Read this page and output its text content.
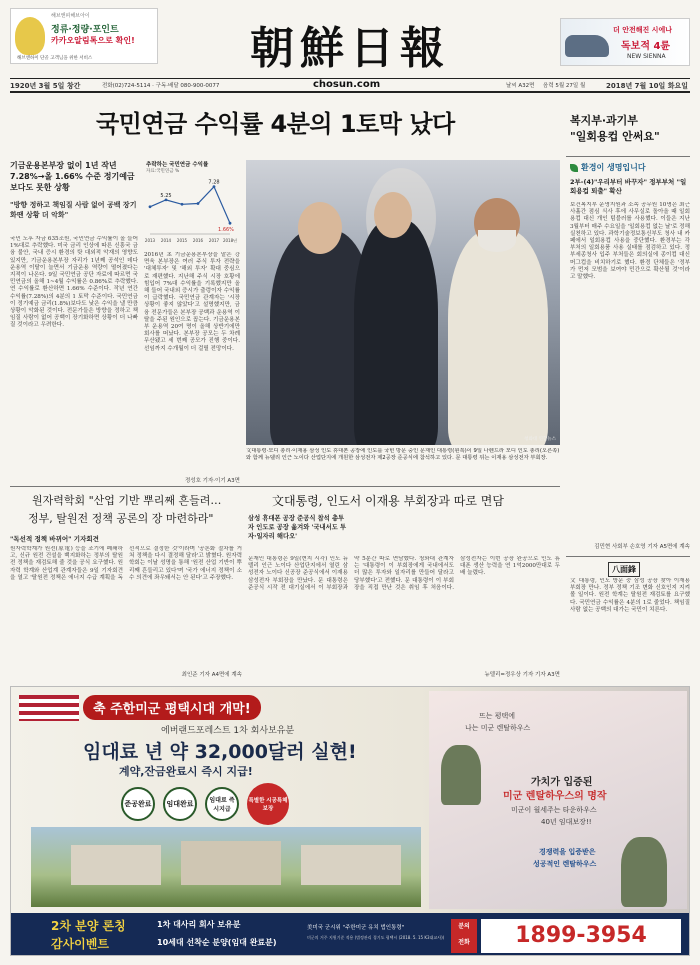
해브앤피해브아이
정류·정량·포인트
카카오알림톡으로 확인!
해브앤하이 단골 고객님을 위한 서비스	朝鮮日報	더 안전해진 시에나
독보적 4륜
NEW SIENNA
1920년 3월 5일 창간	전화(02)724-5114 · 구독·배달 080-900-0077	chosun.com	날씨 A32면 음력 5월 27일 월	2018년 7월 10일 화요일
국민연금 수익률 4분의 1토막 났다
기금운용본부장 없이 1년 작년 7.28%→올 1.66% 수준 정기예금보다도 못한 상황
"방향 정하고 책임질 사람 없어 공백 장기화땐 상황 더 악화"
국민 노후 자금 635조원, 국민연금 수익률이 올 들어 1%대로 추락했다. 미국 금리 인상에 따른 신흥국 금융 불안, 국내 증시 환경의 탓 대외적 악재의 영향도 있지만, 기금운용본부장 자리가 1년째 공석인 데다 운용역 이탈이 늘면서 기금운용 역량이 떨어졌다는 지적이 나온다. 9일 국민연금 공단 자료에 따르면 국민연금의 올해 1~4월 수익률은 0.86%로 추락했다. 연 수익률로 환산하면 1.66% 수준이다. 작년 연간 수익률(7.28%)의 4분의 1 토막 수준이다. 국민연금이 정기예금 금리(1.8%)보다도 낮은 수익을 낼 만큼 상황이 악화된 것이다. 전문가들은 방향을 정하고 책임질 사람이 없어 공백이 장기화하면 상황이 더 나빠질 것이라고 우려한다.
추락하는 국민연금 수익률
자료:국민연금 %
2013
5.25
2014 2015 2016
7.28
2017
1.66%
2018년
2016년 초 기금운용본부장을 맡은 강면욱 본부장은 여러 주식 투자 전략을 '대체투자' 및 '해외 투자' 확대 중심으로 재편했다. 지난해 주식 시장 호황에 힘입어 7%대 수익률을 기록했지만 올해 들어 국내외 증시가 출렁이자 수익률이 급락했다. 국민연금 관계자는 '시장 상황이 좋지 않았다'고 설명했지만, 금융 전문가들은 본부장 공백과 운용역 이탈을 주된 원인으로 꼽는다. 기금운용본부 운용역 20여 명이 올해 상반기에만 회사를 떠났다. 본부장 공모는 두 차례 무산됐고 세 번째 공모가 진행 중이다. 선임까지 수개월이 더 걸릴 전망이다.
정성호 기자·이기 A3면
청와대 연합뉴스
文대통령·모디 총리·이재용 삼성 인도 휴대폰 공장에 인도를 국빈 방문 중인 문재인 대통령(왼쪽)이 9일 나렌드라 모디 인도 총리(오른쪽)와 함께 뉴델리 인근 노이다 산업단지에 개원한 삼성전자 제2공장 준공식에 참석하고 있다. 문 대통령 뒤는 이재용 삼성전자 부회장.
복지부·과기부
"일회용컵 안써요"
환경이 생명입니다
2부-(4)"우리부터 바꾸자" 정부부처 "일회용컵 퇴출" 확산
보건복지부 운영지원과 소속 공무원 10명은 최근 사흘간 점심 식사 후에 사무실로 돌아올 때 일회용컵 대신 개인 텀블러를 사용했다. 이들은 지난 3월부터 매주 수요일을 '일회용컵 없는 날'로 정해 실천하고 있다. 과학기술정보통신부도 청사 내 카페에서 일회용컵 사용을 중단했다. 환경부는 각 부처의 일회용품 사용 실태를 점검하고 있다. 정부세종청사 입주 부처들은 회의실에 종이컵 대신 머그컵을 비치하기로 했다. 환경 단체들은 '정부가 먼저 모범을 보여야 민간으로 확산될 것'이라고 말했다.
김민현 사회부 손호영 기자 A5면에 계속
八面鋒
文 대통령, 인도 방문 중 삼성 공장 찾아 이재용 부회장 만나. 정부 정책 기조 변화 신호인지 지켜볼 일이다. 원전 학계는 탈원전 재검토를 요구했다. 국민연금 수익률은 4분의 1로 줄었다. 책임질 사람 없는 공백의 대가는 국민이 치른다.
원자력학회 "산업 기반 뿌리째 흔들려…
정부, 탈원전 정책 공론의 장 마련하라"
"독선적 정책 바뀌어" 기자회견
원자력학계가 원전(原電) 등을 조기에 폐쇄하고, 신규 원전 건설을 백지화하는 정부의 탈원전 정책을 재검토해 줄 것을 공식 요구했다. 원자력 학계와 산업계 관계자들은 9일 기자회견을 열고 '탈원전 정책은 에너지 수급 계획을 독선적으로 결정한 것'이라며 '공론화 절차를 거쳐 정책을 다시 결정해 달라'고 밝혔다. 원자력학회는 이날 성명을 통해 '원전 산업 기반이 뿌리째 흔들리고 있다'며 '국가 에너지 정책이 소수 의견에 좌우돼서는 안 된다'고 주장했다.
최인준 기자 A4면에 계속
文대통령, 인도서 이재용 부회장과 따로 면담
삼성 휴대폰 공장 준공식 참석 총투자 인도로 공장 옮겨와 '국내서도 투자·일자리 해다오'
문재인 대통령은 9일(현지 시각) 인도 뉴델리 인근 노이다 산업단지에서 열린 삼성전자 노이다 신공장 준공식에서 이재용 삼성전자 부회장을 만났다. 문 대통령은 준공식 시작 전 대기실에서 이 부회장과 약 5분간 따로 면담했다. 청와대 관계자는 '대통령이 이 부회장에게 국내에서도 더 많은 투자와 일자리를 만들어 달라고 당부했다'고 전했다. 문 대통령이 이 부회장을 직접 만난 것은 취임 후 처음이다. 삼성전자는 이번 공장 완공으로 인도 휴대폰 생산 능력을 연 1억2000만대로 두 배 늘렸다.
뉴델리=정우상 기자 기자 A3면
축 주한미군 평택시대 개막!
에버랜드포레스트 1차 회사보유분
임대료 년 약 32,000달러 실현!
계약,잔금완료시 즉시 지급!
준공완료	임대완료	임대료 즉시지급
특별한 시공특혜 보장
뜨는 평택에
나는 미군 렌탈하우스
가치가 입증된
미군 렌탈하우스의 명작
미군이 월세주는 타운하우스
40년 임대보장!!
경쟁력을 입증받은
성공적인 렌탈하우스
2차 분양 론칭
감사이벤트
1차 대사리 회사 보유분
10세대 선착순 분양(임대 완료분)
美미국 군시위 "주한미군 유치 법인통령"
미군의 거주 지원기준 적용 (법정관리 경기도 평택시 (2018. 5. 15 K3대교사))
분의
전화	1899-3954
